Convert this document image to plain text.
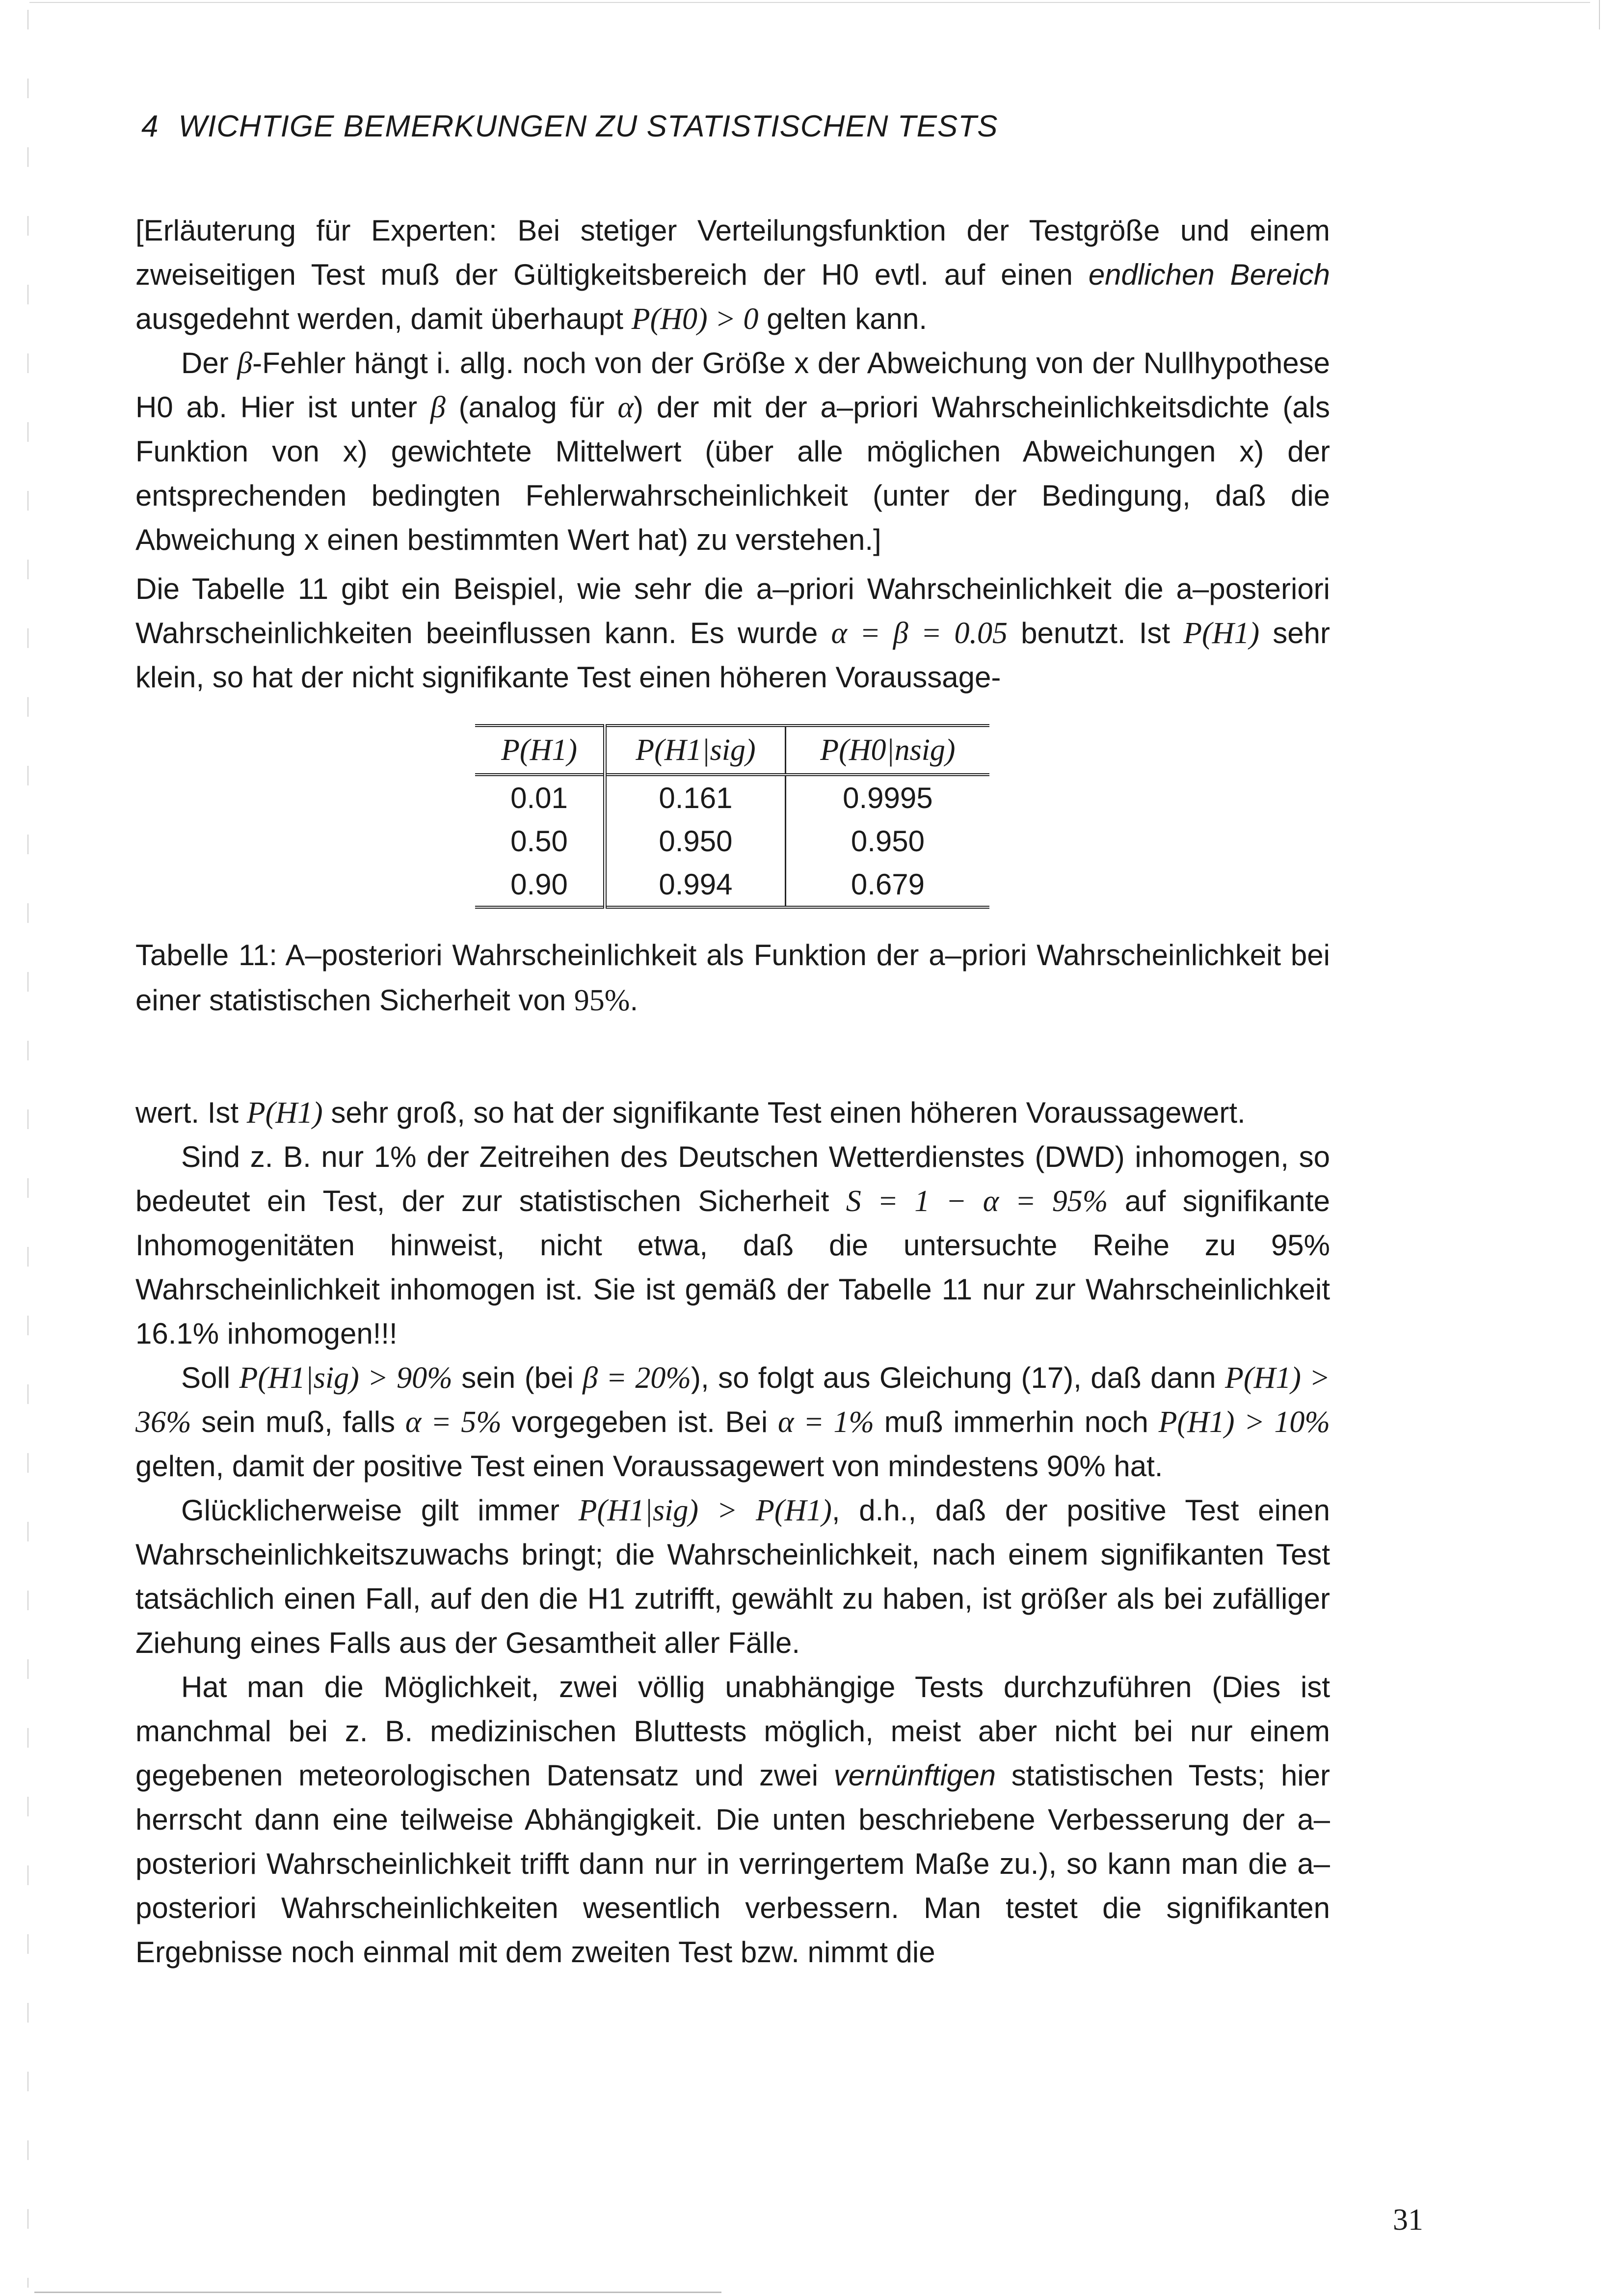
4 WICHTIGE BEMERKUNGEN ZU STATISTISCHEN TESTS

[Erläuterung für Experten: Bei stetiger Verteilungsfunktion der Testgröße und einem zweiseitigen Test muß der Gültigkeitsbereich der H0 evtl. auf einen endlichen Bereich ausgedehnt werden, damit überhaupt P(H0) > 0 gelten kann.

Der β-Fehler hängt i. allg. noch von der Größe x der Abweichung von der Nullhypothese H0 ab. Hier ist unter β (analog für α) der mit der a–priori Wahrscheinlichkeitsdichte (als Funktion von x) gewichtete Mittelwert (über alle möglichen Abweichungen x) der entsprechenden bedingten Fehlerwahrscheinlichkeit (unter der Bedingung, daß die Abweichung x einen bestimmten Wert hat) zu verstehen.]

Die Tabelle 11 gibt ein Beispiel, wie sehr die a–priori Wahrscheinlichkeit die a–posteriori Wahrscheinlichkeiten beeinflussen kann. Es wurde α = β = 0.05 benutzt. Ist P(H1) sehr klein, so hat der nicht signifikante Test einen höheren Voraussage-

P(H1)	P(H1|sig)	P(H0|nsig)
0.01	0.161	0.9995
0.50	0.950	0.950
0.90	0.994	0.679

Tabelle 11: A–posteriori Wahrscheinlichkeit als Funktion der a–priori Wahrscheinlichkeit bei einer statistischen Sicherheit von 95%.

wert. Ist P(H1) sehr groß, so hat der signifikante Test einen höheren Voraussagewert.

Sind z. B. nur 1% der Zeitreihen des Deutschen Wetterdienstes (DWD) inhomogen, so bedeutet ein Test, der zur statistischen Sicherheit S = 1 − α = 95% auf signifikante Inhomogenitäten hinweist, nicht etwa, daß die untersuchte Reihe zu 95% Wahrscheinlichkeit inhomogen ist. Sie ist gemäß der Tabelle 11 nur zur Wahrscheinlichkeit 16.1% inhomogen!!!

Soll P(H1|sig) > 90% sein (bei β = 20%), so folgt aus Gleichung (17), daß dann P(H1) > 36% sein muß, falls α = 5% vorgegeben ist. Bei α = 1% muß immerhin noch P(H1) > 10% gelten, damit der positive Test einen Voraussagewert von mindestens 90% hat.

Glücklicherweise gilt immer P(H1|sig) > P(H1), d.h., daß der positive Test einen Wahrscheinlichkeitszuwachs bringt; die Wahrscheinlichkeit, nach einem signifikanten Test tatsächlich einen Fall, auf den die H1 zutrifft, gewählt zu haben, ist größer als bei zufälliger Ziehung eines Falls aus der Gesamtheit aller Fälle.

Hat man die Möglichkeit, zwei völlig unabhängige Tests durchzuführen (Dies ist manchmal bei z. B. medizinischen Bluttests möglich, meist aber nicht bei nur einem gegebenen meteorologischen Datensatz und zwei vernünftigen statistischen Tests; hier herrscht dann eine teilweise Abhängigkeit. Die unten beschriebene Verbesserung der a–posteriori Wahrscheinlichkeit trifft dann nur in verringertem Maße zu.), so kann man die a–posteriori Wahrscheinlichkeiten wesentlich verbessern. Man testet die signifikanten Ergebnisse noch einmal mit dem zweiten Test bzw. nimmt die

31
